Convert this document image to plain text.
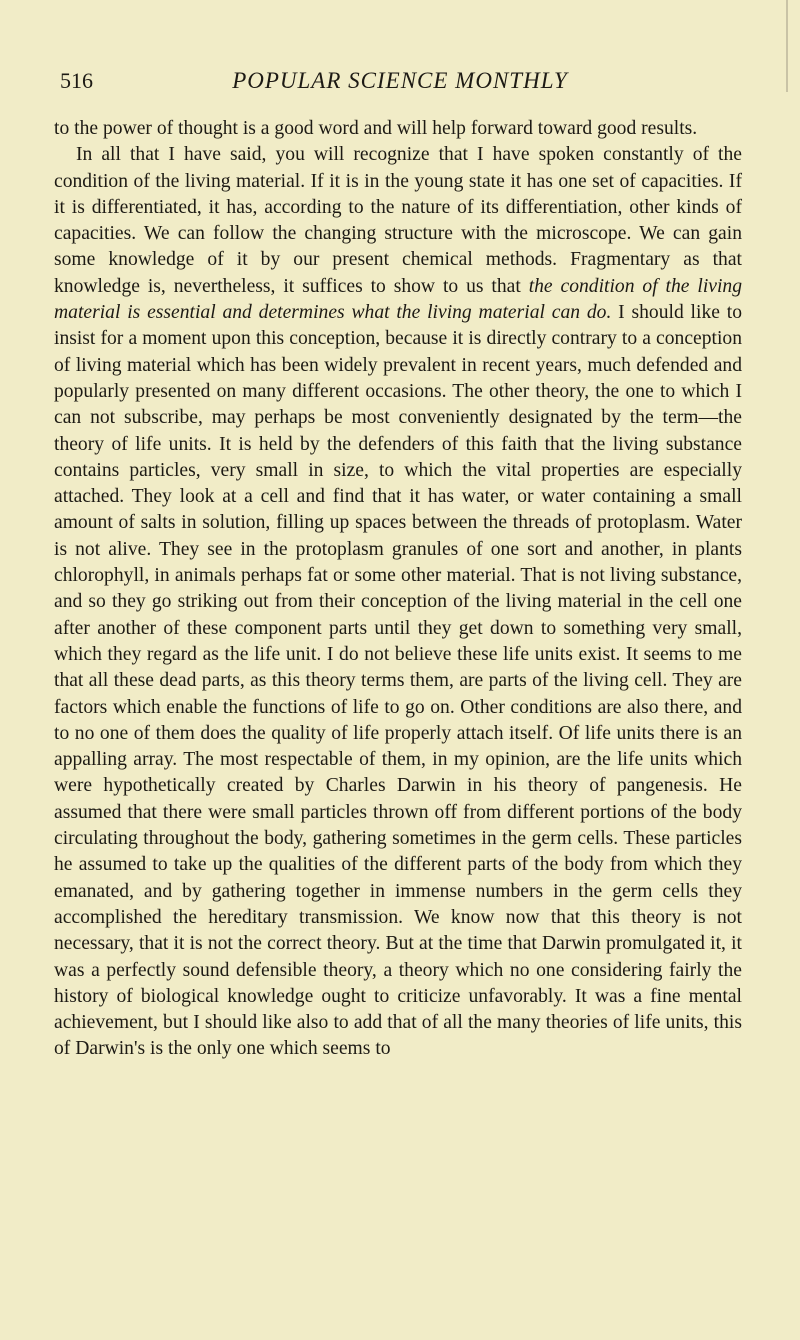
516	POPULAR SCIENCE MONTHLY

to the power of thought is a good word and will help forward toward good results.

In all that I have said, you will recognize that I have spoken constantly of the condition of the living material. If it is in the young state it has one set of capacities. If it is differentiated, it has, according to the nature of its differentiation, other kinds of capacities. We can follow the changing structure with the microscope. We can gain some knowledge of it by our present chemical methods. Fragmentary as that knowledge is, nevertheless, it suffices to show to us that the condition of the living material is essential and determines what the living material can do. I should like to insist for a moment upon this conception, because it is directly contrary to a conception of living material which has been widely prevalent in recent years, much defended and popularly presented on many different occasions. The other theory, the one to which I can not subscribe, may perhaps be most conveniently designated by the term—the theory of life units. It is held by the defenders of this faith that the living substance contains particles, very small in size, to which the vital properties are especially attached. They look at a cell and find that it has water, or water containing a small amount of salts in solution, filling up spaces between the threads of protoplasm. Water is not alive. They see in the protoplasm granules of one sort and another, in plants chlorophyll, in animals perhaps fat or some other material. That is not living substance, and so they go striking out from their conception of the living material in the cell one after another of these component parts until they get down to something very small, which they regard as the life unit. I do not believe these life units exist. It seems to me that all these dead parts, as this theory terms them, are parts of the living cell. They are factors which enable the functions of life to go on. Other conditions are also there, and to no one of them does the quality of life properly attach itself. Of life units there is an appalling array. The most respectable of them, in my opinion, are the life units which were hypothetically created by Charles Darwin in his theory of pangenesis. He assumed that there were small particles thrown off from different portions of the body circulating throughout the body, gathering sometimes in the germ cells. These particles he assumed to take up the qualities of the different parts of the body from which they emanated, and by gathering together in immense numbers in the germ cells they accomplished the hereditary transmission. We know now that this theory is not necessary, that it is not the correct theory. But at the time that Darwin promulgated it, it was a perfectly sound defensible theory, a theory which no one considering fairly the history of biological knowledge ought to criticize unfavorably. It was a fine mental achievement, but I should like also to add that of all the many theories of life units, this of Darwin's is the only one which seems to
